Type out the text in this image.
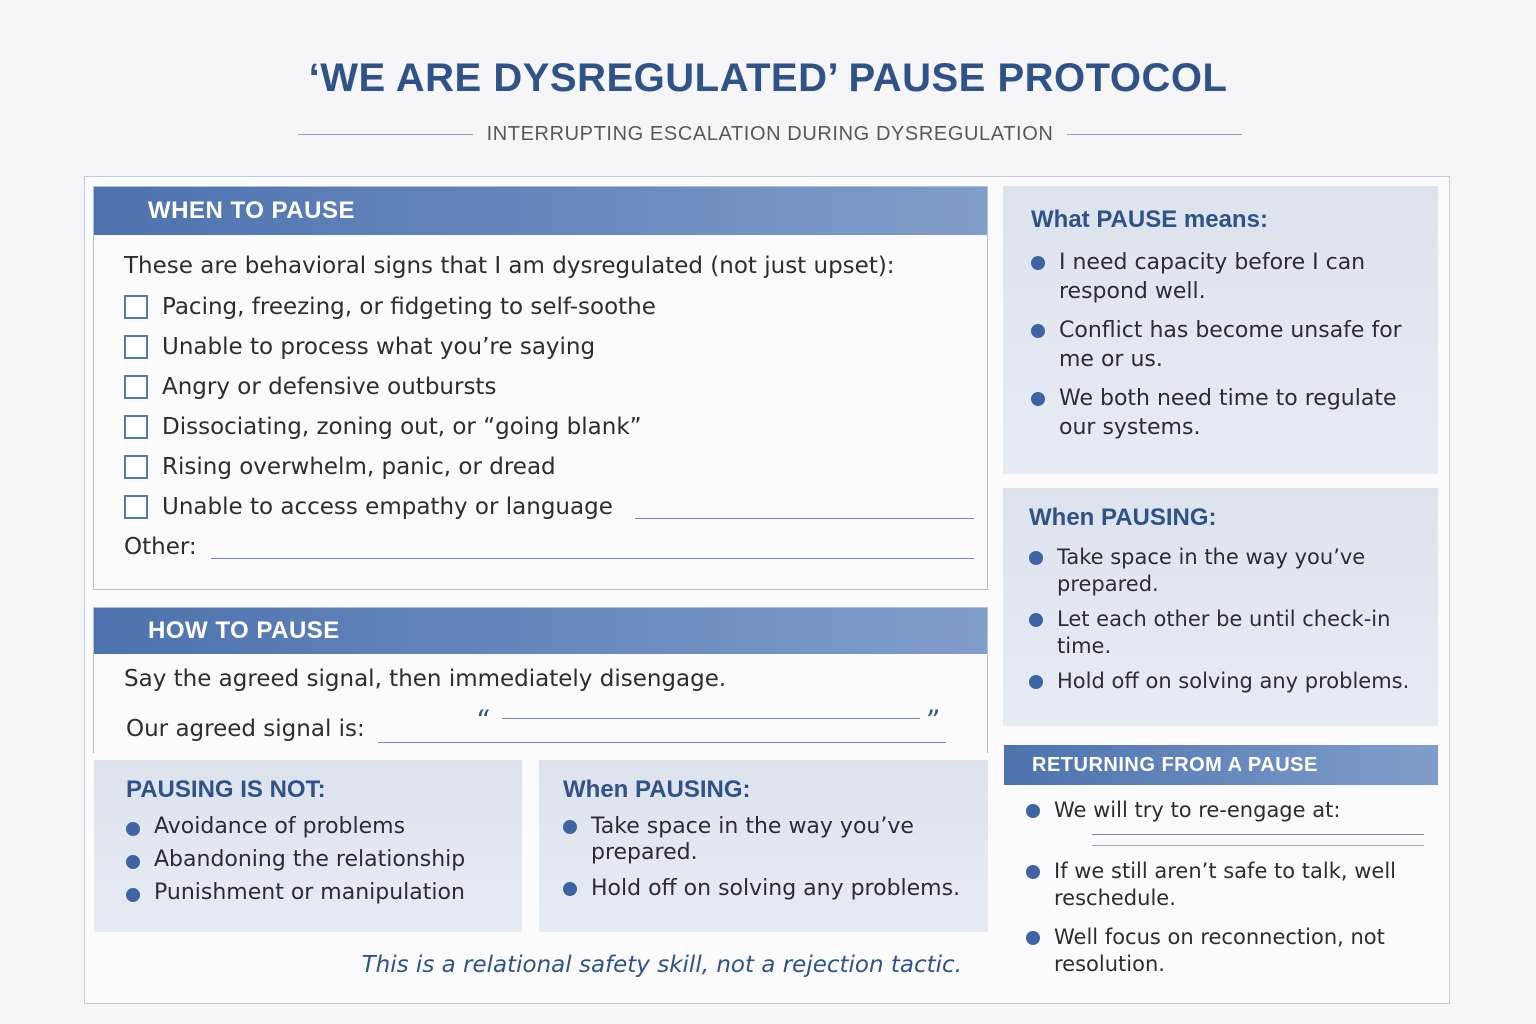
‘WE ARE DYSREGULATED’ PAUSE PROTOCOL
INTERRUPTING ESCALATION DURING DYSREGULATION
WHEN TO PAUSE
These are behavioral signs that I am dysregulated (not just upset):
Pacing, freezing, or fidgeting to self-soothe
Unable to process what you’re saying
Angry or defensive outbursts
Dissociating, zoning out, or “going blank”
Rising overwhelm, panic, or dread
Unable to access empathy or language
Other:
HOW TO PAUSE
Say the agreed signal, then immediately disengage.
Our agreed signal is:	“	”
PAUSING IS NOT:
Avoidance of problems
Abandoning the relationship
Punishment or manipulation
When PAUSING:
Take space in the way you’ve prepared.
Hold off on solving any problems.
This is a relational safety skill, not a rejection tactic.
What PAUSE means:
I need capacity before I can respond well.
Conflict has become unsafe for me or us.
We both need time to regulate our systems.
When PAUSING:
Take space in the way you’ve prepared.
Let each other be until check-in time.
Hold off on solving any problems.
RETURNING FROM A PAUSE
We will try to re-engage at:
If we still aren’t safe to talk, well reschedule.
Well focus on reconnection, not resolution.
